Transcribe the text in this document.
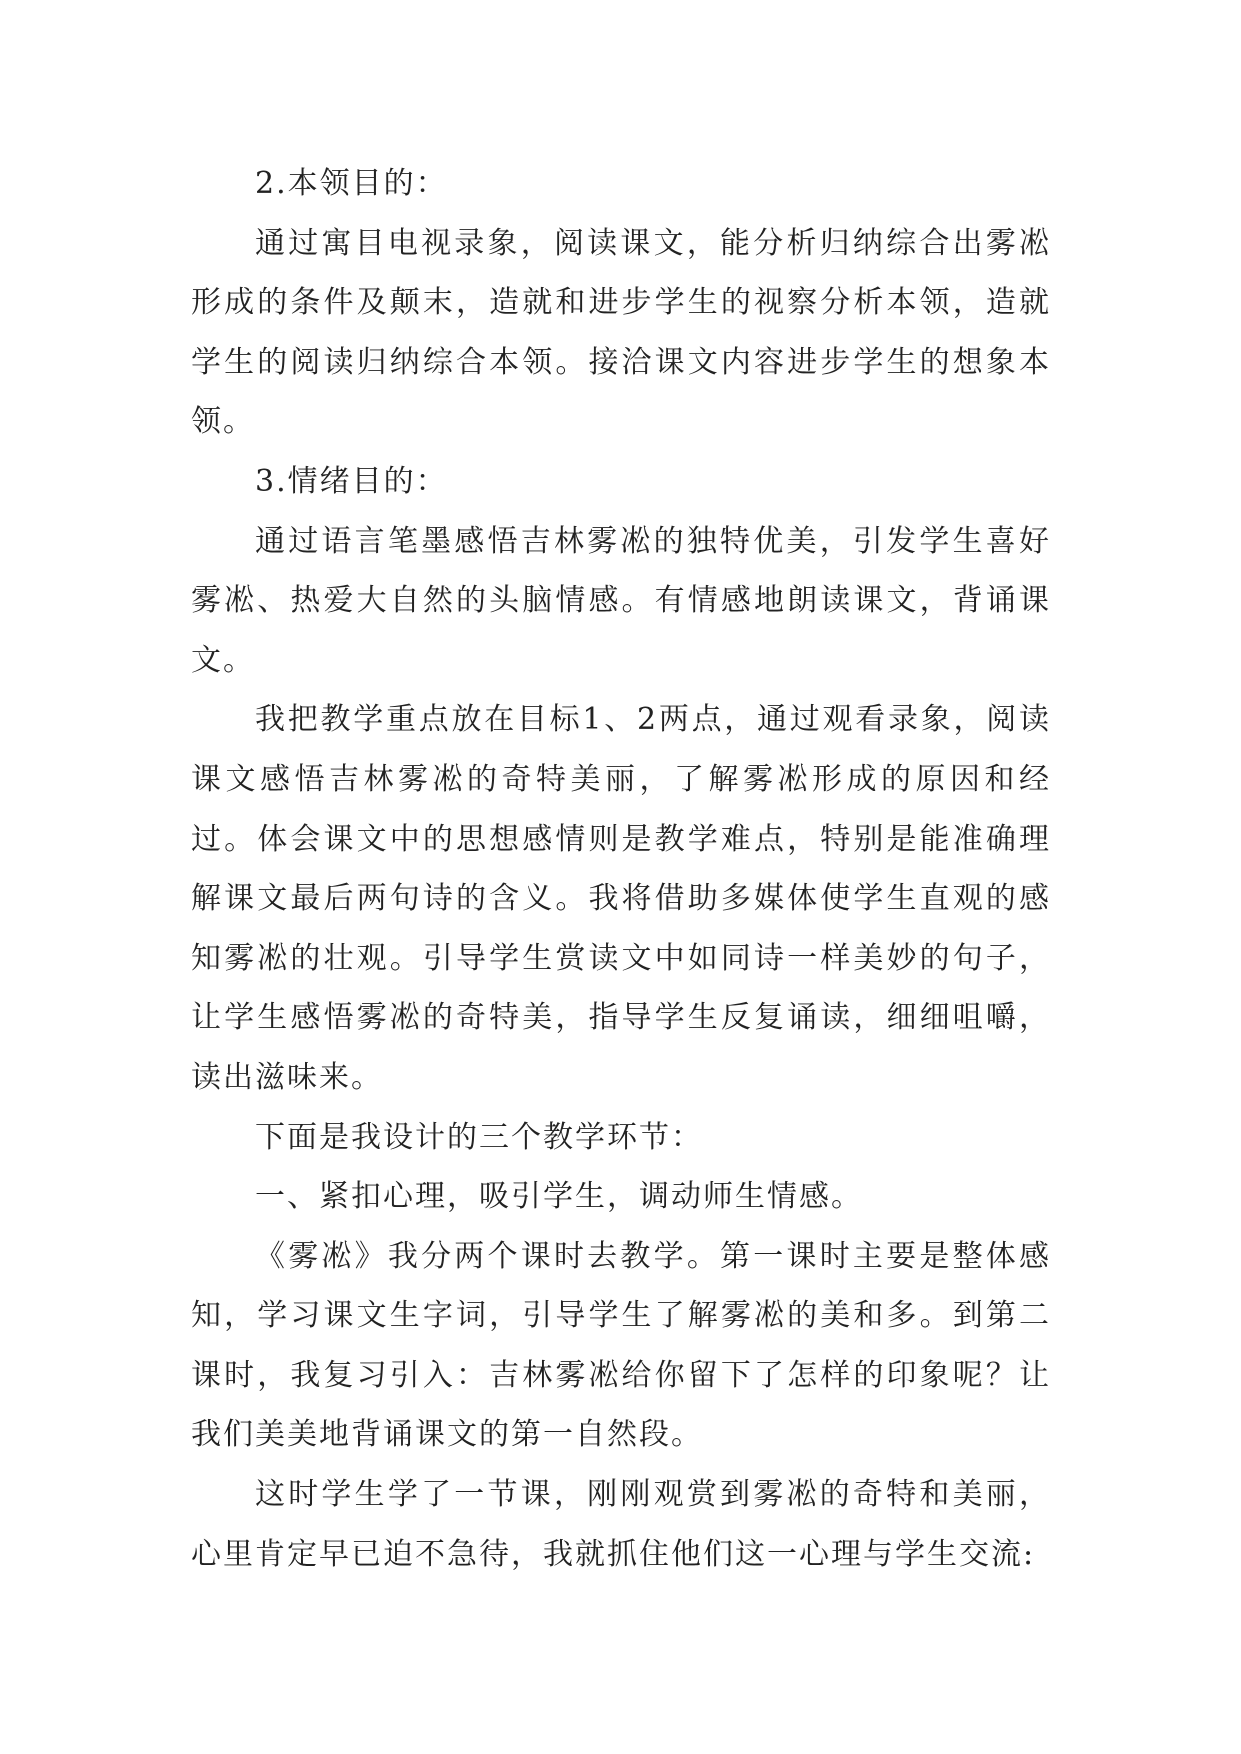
2.本领目的：

通过寓目电视录象，阅读课文，能分析归纳综合出雾凇形成的条件及颠末，造就和进步学生的视察分析本领，造就学生的阅读归纳综合本领。接洽课文内容进步学生的想象本领。

3.情绪目的：

通过语言笔墨感悟吉林雾凇的独特优美，引发学生喜好雾凇、热爱大自然的头脑情感。有情感地朗读课文，背诵课文。

我把教学重点放在目标1、2两点，通过观看录象，阅读课文感悟吉林雾凇的奇特美丽，了解雾凇形成的原因和经过。体会课文中的思想感情则是教学难点，特别是能准确理解课文最后两句诗的含义。我将借助多媒体使学生直观的感知雾凇的壮观。引导学生赏读文中如同诗一样美妙的句子，让学生感悟雾凇的奇特美，指导学生反复诵读，细细咀嚼，读出滋味来。

下面是我设计的三个教学环节：

一、紧扣心理，吸引学生，调动师生情感。

《雾凇》我分两个课时去教学。第一课时主要是整体感知，学习课文生字词，引导学生了解雾凇的美和多。到第二课时，我复习引入：吉林雾凇给你留下了怎样的印象呢？让我们美美地背诵课文的第一自然段。

这时学生学了一节课，刚刚观赏到雾凇的奇特和美丽，心里肯定早已迫不急待，我就抓住他们这一心理与学生交流:
